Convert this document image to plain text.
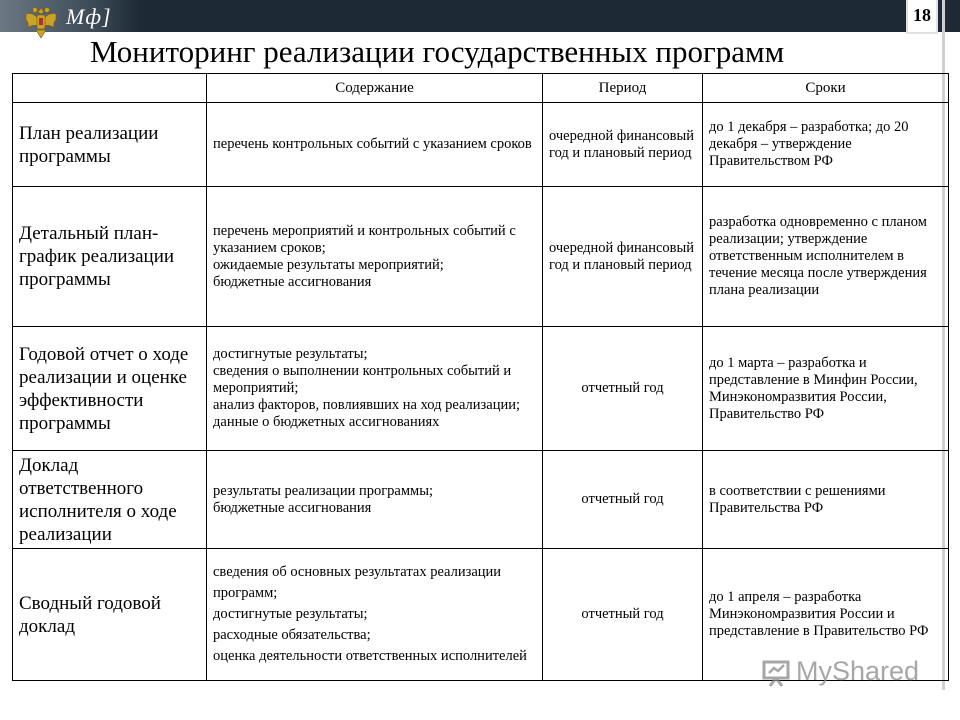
Мф]	18
Мониторинг реализации государственных программ
	Содержание	Период	Сроки
План реализации программы	перечень контрольных событий с указанием сроков	очередной финансовый год и плановый период	до 1 декабря – разработка; до 20 декабря – утверждение Правительством РФ
Детальный план-график реализации программы	перечень мероприятий и контрольных событий с указанием сроков;
ожидаемые результаты мероприятий;
бюджетные ассигнования	очередной финансовый год и плановый период	разработка одновременно с планом реализации; утверждение ответственным исполнителем в течение месяца после утверждения плана реализации
Годовой отчет о ходе реализации и оценке эффективности программы	достигнутые результаты;
сведения о выполнении контрольных событий и мероприятий;
анализ факторов, повлиявших на ход реализации;
данные о бюджетных ассигнованиях	отчетный год	до 1 марта – разработка и представление в Минфин России, Минэкономразвития России, Правительство РФ
Доклад ответственного исполнителя о ходе реализации	результаты реализации программы;
бюджетные ассигнования	отчетный год	в соответствии с решениями Правительства РФ
Сводный годовой доклад	сведения об основных результатах реализации программ;
достигнутые результаты;
расходные обязательства;
оценка деятельности ответственных исполнителей	отчетный год	до 1 апреля – разработка Минэкономразвития России и представление в Правительство РФ
MyShared
